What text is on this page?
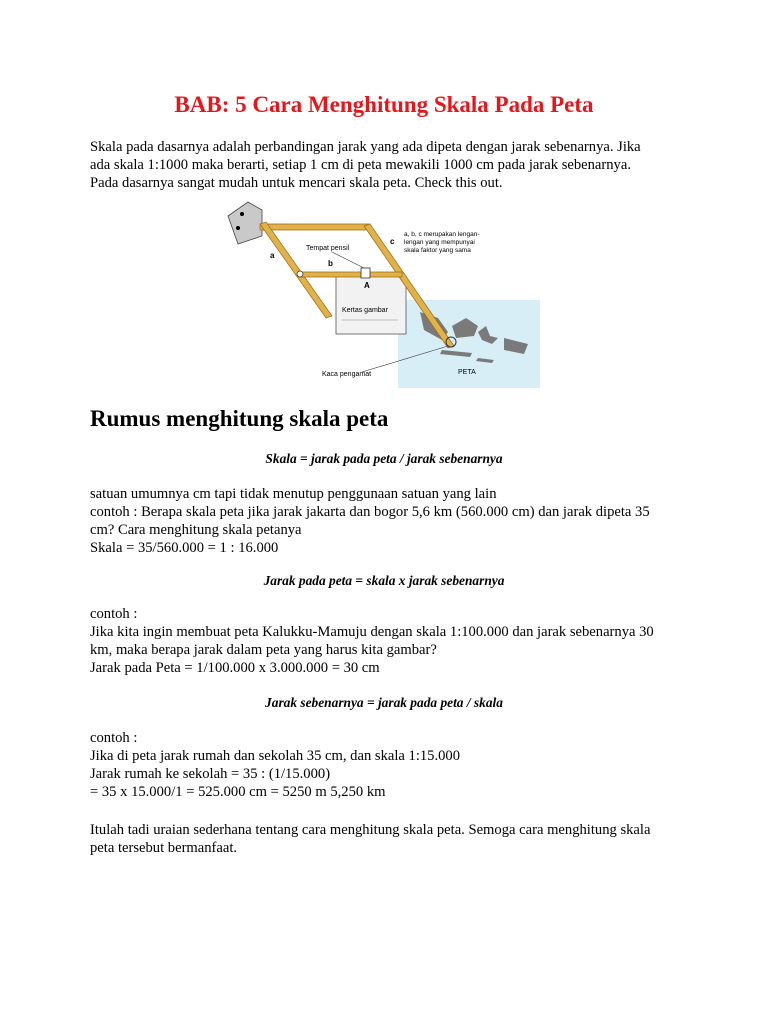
BAB: 5 Cara Menghitung Skala Pada Peta

Skala pada dasarnya adalah perbandingan jarak yang ada dipeta dengan jarak sebenarnya. Jika
ada skala 1:1000 maka berarti, setiap 1 cm di peta mewakili 1000 cm pada jarak sebenarnya.
Pada dasarnya sangat mudah untuk mencari skala peta. Check this out.

a
b
c
A
Tempat pensil
a, b, c merupakan lengan-
lengan yang mempunyai
skala faktor yang sama
Kertas gambar
Kaca pengamat	PETA
Rumus menghitung skala peta

Skala = jarak pada peta / jarak sebenarnya

satuan umumnya cm tapi tidak menutup penggunaan satuan yang lain
contoh : Berapa skala peta jika jarak jakarta dan bogor 5,6 km (560.000 cm) dan jarak dipeta 35
cm? Cara menghitung skala petanya
Skala = 35/560.000 = 1 : 16.000

Jarak pada peta = skala x jarak sebenarnya

contoh :
Jika kita ingin membuat peta Kalukku-Mamuju dengan skala 1:100.000 dan jarak sebenarnya 30
km, maka berapa jarak dalam peta yang harus kita gambar?
Jarak pada Peta = 1/100.000 x 3.000.000 = 30 cm

Jarak sebenarnya = jarak pada peta / skala

contoh :
Jika di peta jarak rumah dan sekolah 35 cm, dan skala 1:15.000
Jarak rumah ke sekolah = 35 : (1/15.000)
= 35 x 15.000/1 = 525.000 cm = 5250 m 5,250 km

Itulah tadi uraian sederhana tentang cara menghitung skala peta. Semoga cara menghitung skala
peta tersebut bermanfaat.
